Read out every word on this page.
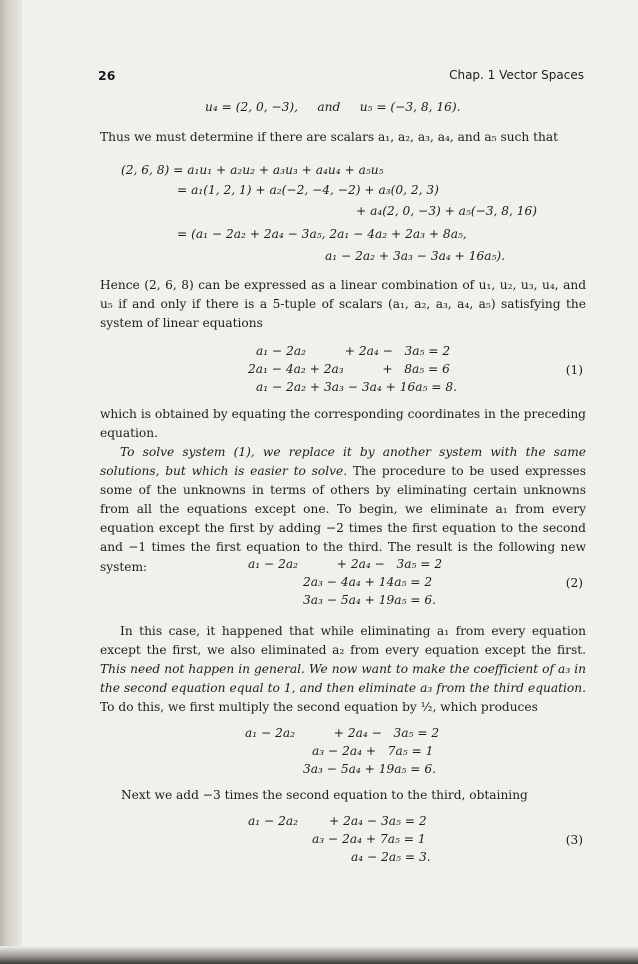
26	Chap. 1 Vector Spaces
u₄ = (2, 0, −3),     and     u₅ = (−3, 8, 16).
Thus we must determine if there are scalars a₁, a₂, a₃, a₄, and a₅ such that
(2, 6, 8) = a₁u₁ + a₂u₂ + a₃u₃ + a₄u₄ + a₅u₅
= a₁(1, 2, 1) + a₂(−2, −4, −2) + a₃(0, 2, 3)
+ a₄(2, 0, −3) + a₅(−3, 8, 16)
= (a₁ − 2a₂ + 2a₄ − 3a₅, 2a₁ − 4a₂ + 2a₃ + 8a₅,
a₁ − 2a₂ + 3a₃ − 3a₄ + 16a₅).
Hence (2, 6, 8) can be expressed as a linear combination of u₁, u₂, u₃, u₄, and u₅ if and only if there is a 5-tuple of scalars (a₁, a₂, a₃, a₄, a₅) satisfying the system of linear equations
a₁ − 2a₂          + 2a₄ −   3a₅ = 2
2a₁ − 4a₂ + 2a₃          +   8a₅ = 6
a₁ − 2a₂ + 3a₃ − 3a₄ + 16a₅ = 8.
(1)
which is obtained by equating the corresponding coordinates in the preceding equation.
To solve system (1), we replace it by another system with the same solutions, but which is easier to solve. The procedure to be used expresses some of the unknowns in terms of others by eliminating certain unknowns from all the equations except one. To begin, we eliminate a₁ from every equation except the first by adding −2 times the first equation to the second and −1 times the first equation to the third. The result is the following new system:	a₁ − 2a₂          + 2a₄ −   3a₅ = 2
2a₃ − 4a₄ + 14a₅ = 2
3a₃ − 5a₄ + 19a₅ = 6.
(2)
In this case, it happened that while eliminating a₁ from every equation except the first, we also eliminated a₂ from every equation except the first. This need not happen in general. We now want to make the coefficient of a₃ in the second equation equal to 1, and then eliminate a₃ from the third equation. To do this, we first multiply the second equation by ½, which produces
a₁ − 2a₂          + 2a₄ −   3a₅ = 2
a₃ − 2a₄ +   7a₅ = 1
3a₃ − 5a₄ + 19a₅ = 6.
Next we add −3 times the second equation to the third, obtaining
a₁ − 2a₂        + 2a₄ − 3a₅ = 2
a₃ − 2a₄ + 7a₅ = 1
a₄ − 2a₅ = 3.
(3)
